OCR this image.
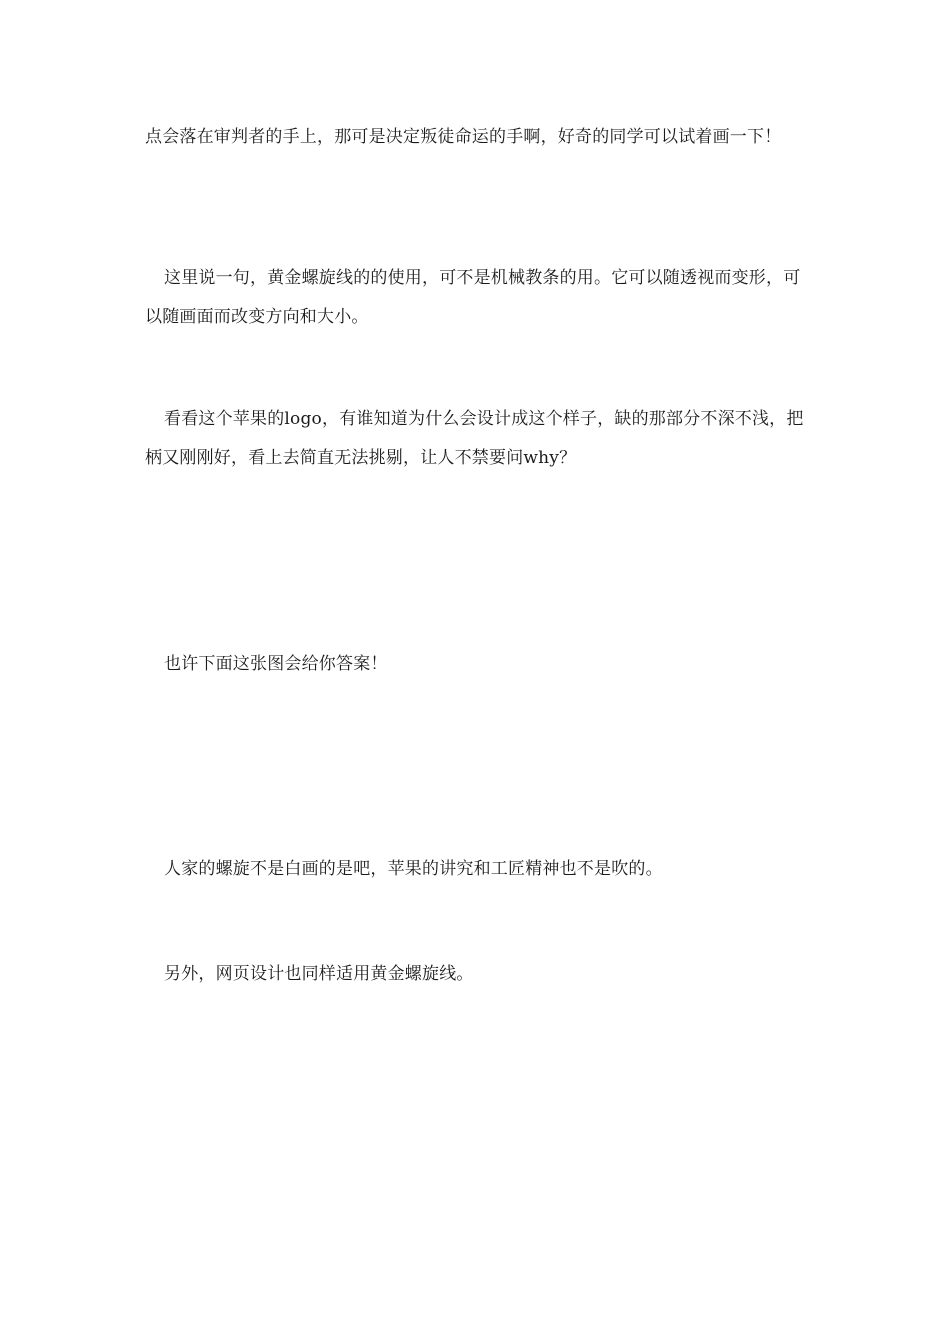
点会落在审判者的手上，那可是决定叛徒命运的手啊，好奇的同学可以试着画一下！

这里说一句，黄金螺旋线的的使用，可不是机械教条的用。它可以随透视而变形，可以随画面而改变方向和大小。

看看这个苹果的logo，有谁知道为什么会设计成这个样子，缺的那部分不深不浅，把柄又刚刚好，看上去简直无法挑剔，让人不禁要问why？

也许下面这张图会给你答案！

人家的螺旋不是白画的是吧，苹果的讲究和工匠精神也不是吹的。

另外，网页设计也同样适用黄金螺旋线。
